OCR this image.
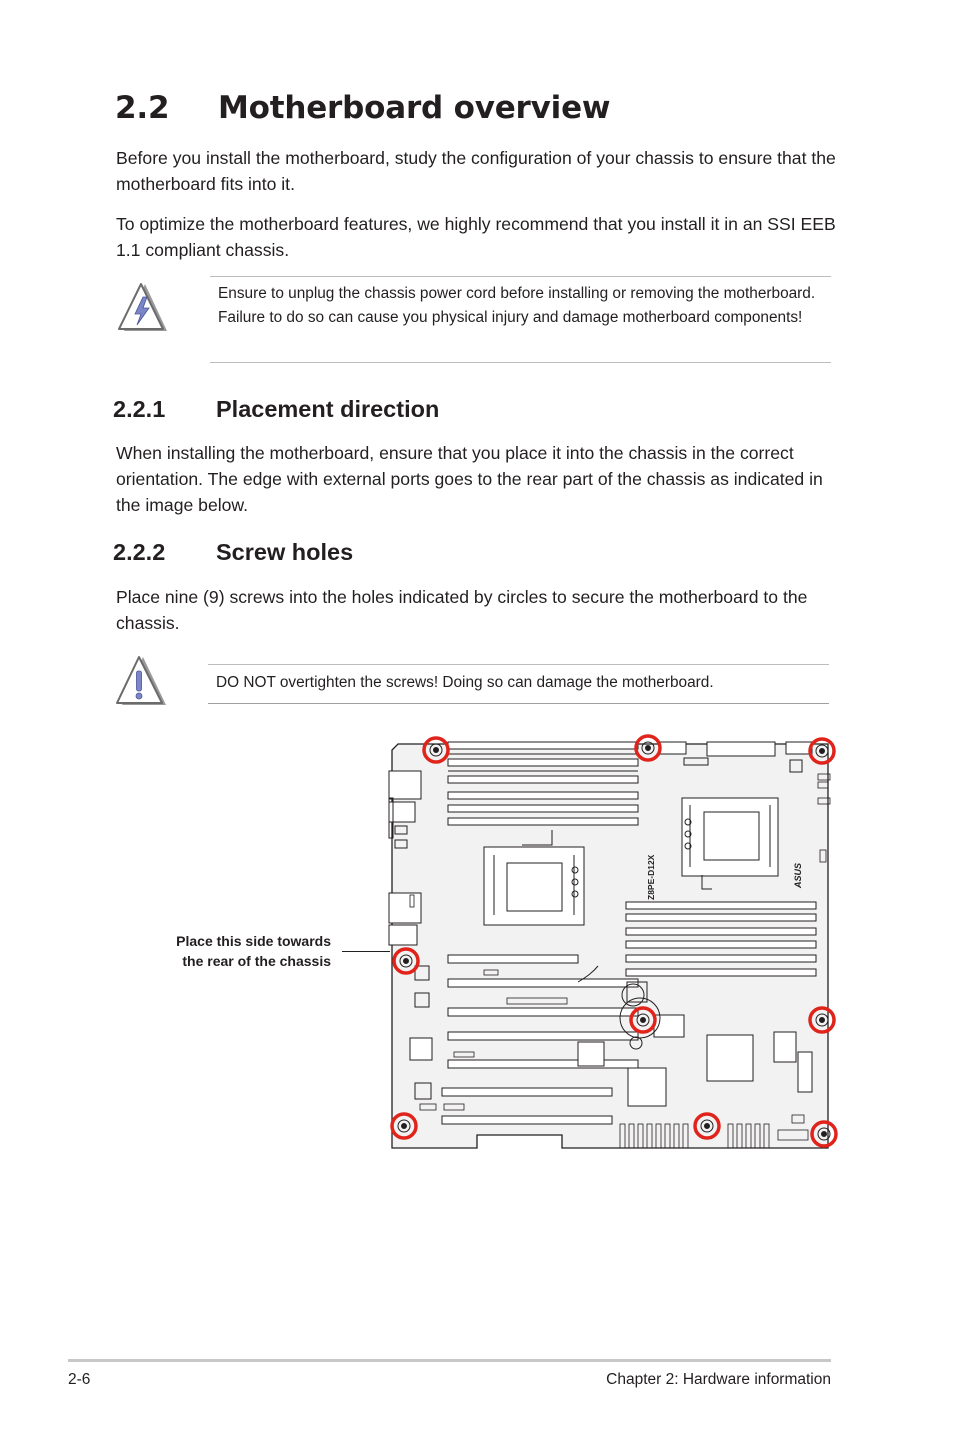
2.2 Motherboard overview

Before you install the motherboard, study the configuration of your chassis to ensure that the motherboard fits into it.

To optimize the motherboard features, we highly recommend that you install it in an SSI EEB 1.1 compliant chassis.

Ensure to unplug the chassis power cord before installing or removing the motherboard. Failure to do so can cause you physical injury and damage motherboard components!
2.2.1 Placement direction

When installing the motherboard, ensure that you place it into the chassis in the correct orientation. The edge with external ports goes to the rear part of the chassis as indicated in the image below.

2.2.2 Screw holes

Place nine (9) screws into the holes indicated by circles to secure the motherboard to the chassis.

DO NOT overtighten the screws! Doing so can damage the motherboard.
Place this side towards
the rear of the chassis
Z8PE-D12X	ASUS
2-6	Chapter 2: Hardware information
